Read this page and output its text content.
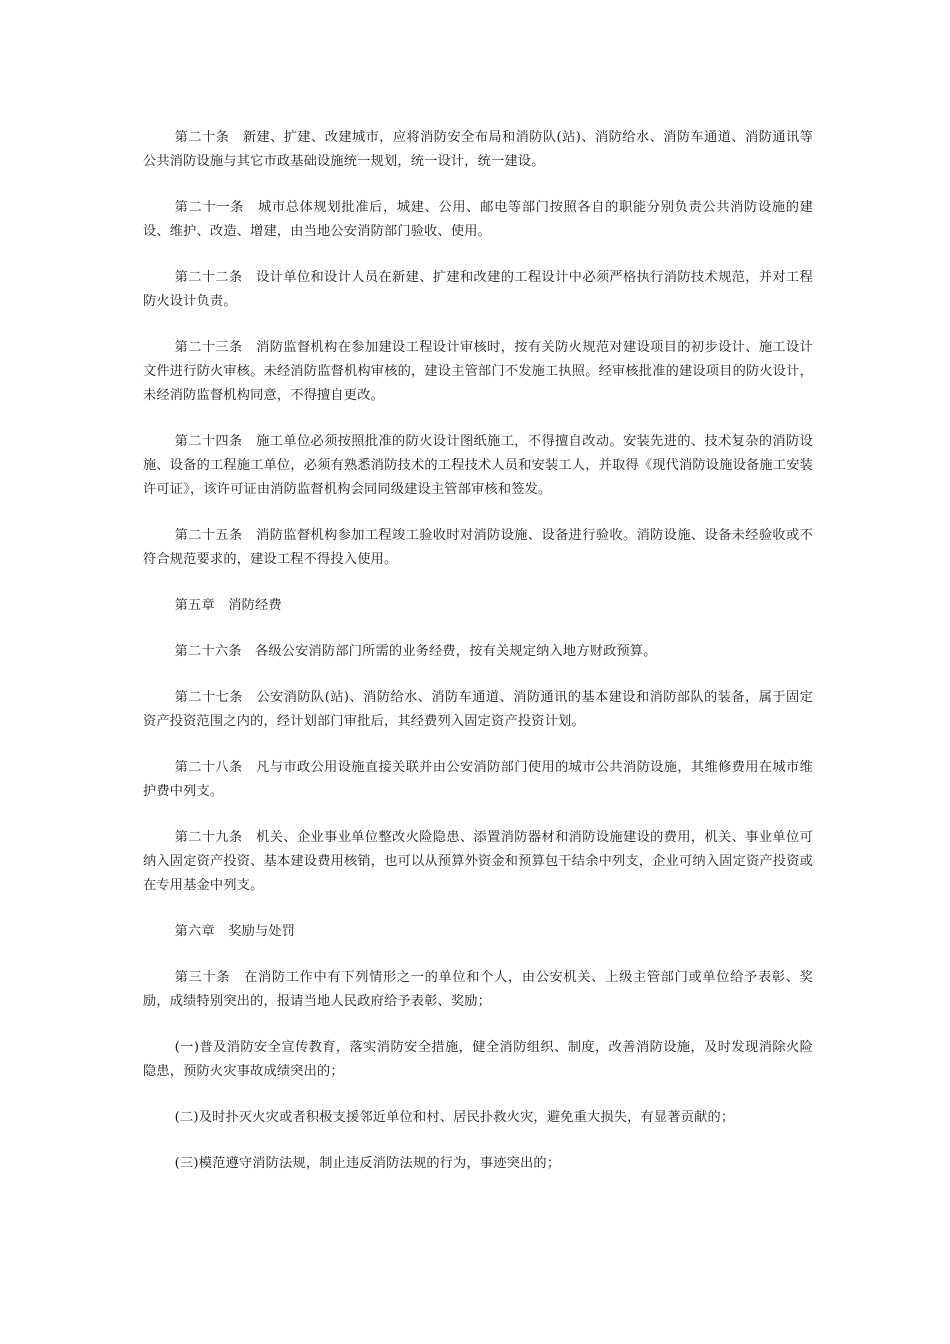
第二十条　新建、扩建、改建城市，应将消防安全布局和消防队(站)、消防给水、消防车通道、消防通讯等公共消防设施与其它市政基础设施统一规划，统一设计，统一建设。

第二十一条　城市总体规划批准后，城建、公用、邮电等部门按照各自的职能分别负责公共消防设施的建设、维护、改造、增建，由当地公安消防部门验收、使用。

第二十二条　设计单位和设计人员在新建、扩建和改建的工程设计中必须严格执行消防技术规范，并对工程防火设计负责。

第二十三条　消防监督机构在参加建设工程设计审核时，按有关防火规范对建设项目的初步设计、施工设计文件进行防火审核。未经消防监督机构审核的，建设主管部门不发施工执照。经审核批准的建设项目的防火设计，未经消防监督机构同意，不得擅自更改。

第二十四条　施工单位必须按照批准的防火设计图纸施工，不得擅自改动。安装先进的、技术复杂的消防设施、设备的工程施工单位，必须有熟悉消防技术的工程技术人员和安装工人，并取得《现代消防设施设备施工安装许可证》，该许可证由消防监督机构会同同级建设主管部审核和签发。

第二十五条　消防监督机构参加工程竣工验收时对消防设施、设备进行验收。消防设施、设备未经验收或不符合规范要求的，建设工程不得投入使用。

第五章　消防经费

第二十六条　各级公安消防部门所需的业务经费，按有关规定纳入地方财政预算。

第二十七条　公安消防队(站)、消防给水、消防车通道、消防通讯的基本建设和消防部队的装备，属于固定资产投资范围之内的，经计划部门审批后，其经费列入固定资产投资计划。

第二十八条　凡与市政公用设施直接关联并由公安消防部门使用的城市公共消防设施，其维修费用在城市维护费中列支。

第二十九条　机关、企业事业单位整改火险隐患、添置消防器材和消防设施建设的费用，机关、事业单位可纳入固定资产投资、基本建设费用核销，也可以从预算外资金和预算包干结余中列支，企业可纳入固定资产投资或在专用基金中列支。

第六章　奖励与处罚

第三十条　在消防工作中有下列情形之一的单位和个人，由公安机关、上级主管部门或单位给予表彰、奖励，成绩特别突出的，报请当地人民政府给予表彰、奖励；

(一)普及消防安全宣传教育，落实消防安全措施，健全消防组织、制度，改善消防设施，及时发现消除火险隐患，预防火灾事故成绩突出的；

(二)及时扑灭火灾或者积极支援邻近单位和村、居民扑救火灾，避免重大损失，有显著贡献的；

(三)模范遵守消防法规，制止违反消防法规的行为，事迹突出的；
